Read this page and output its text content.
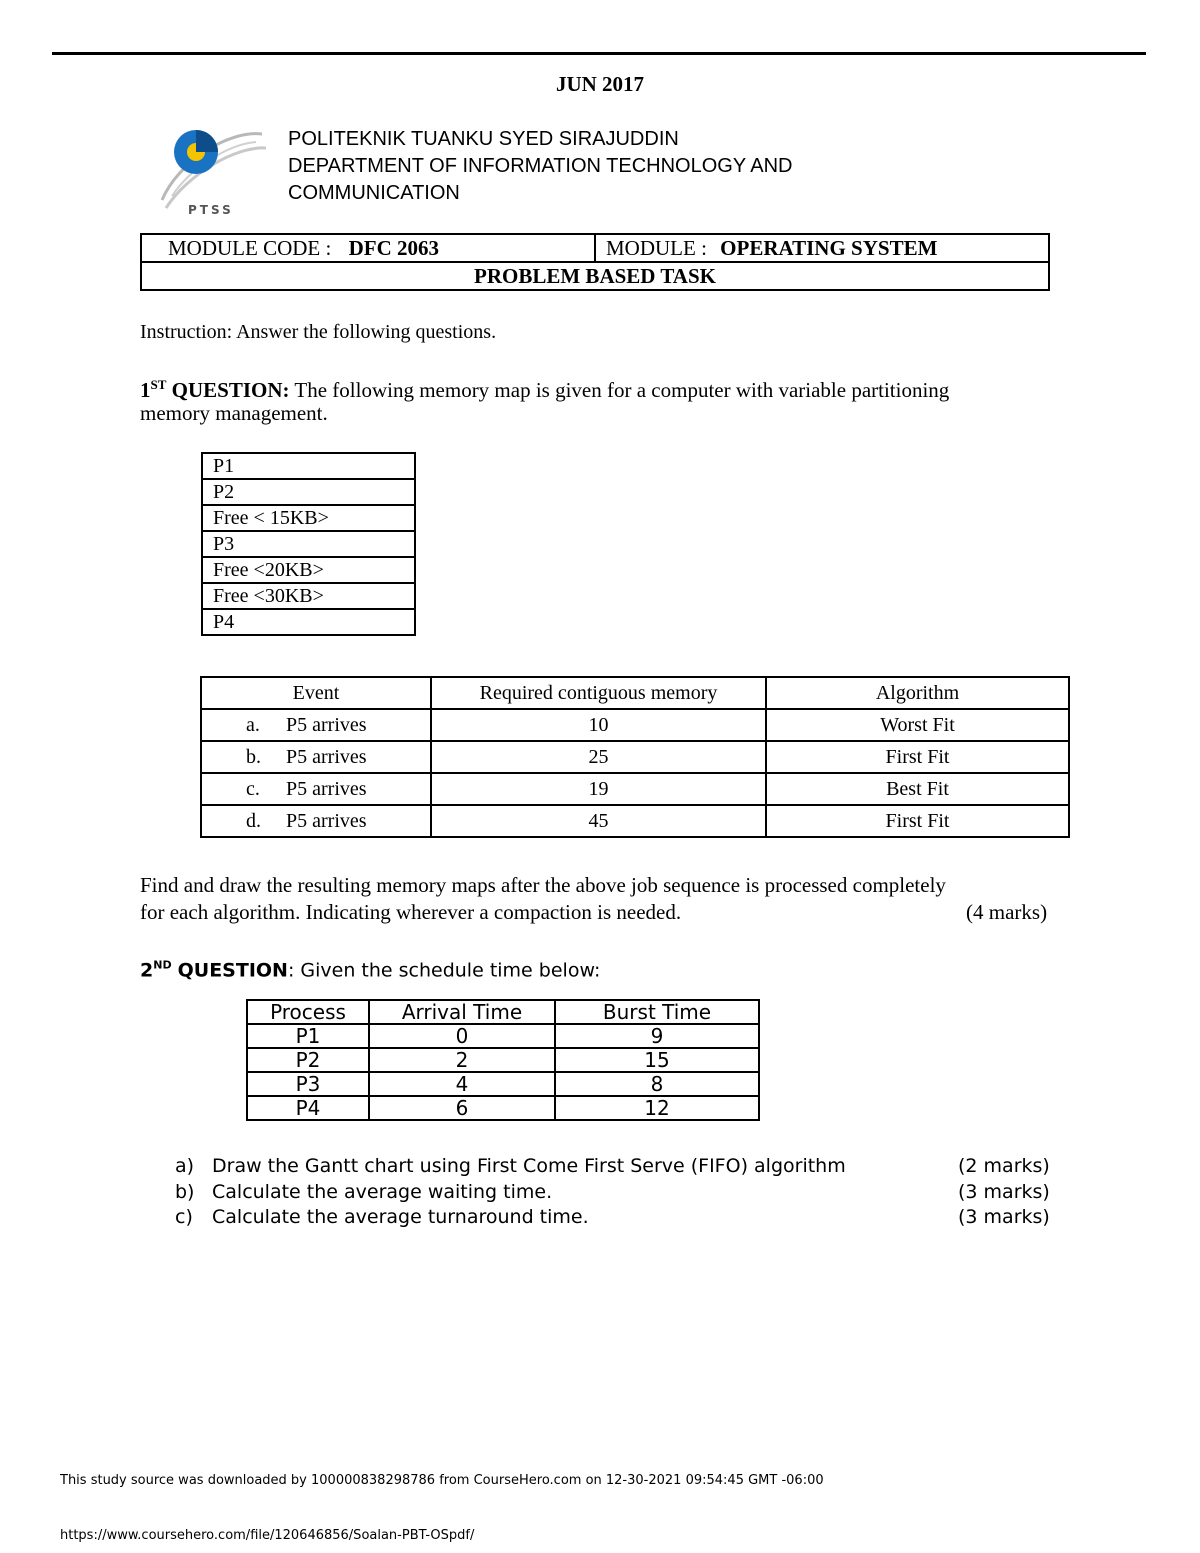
JUN 2017
PTSS
POLITEKNIK TUANKU SYED SIRAJUDDIN
DEPARTMENT OF INFORMATION TECHNOLOGY AND
COMMUNICATION
MODULE CODE : DFC 2063	MODULE : OPERATING SYSTEM
PROBLEM BASED TASK
Instruction: Answer the following questions.
1ST QUESTION: The following memory map is given for a computer with variable partitioning
memory management.
P1
P2
Free < 15KB>
P3
Free <20KB>
Free <30KB>
P4
Event	Required contiguous memory	Algorithm
a. P5 arrives	10	Worst Fit
b. P5 arrives	25	First Fit
c. P5 arrives	19	Best Fit
d. P5 arrives	45	First Fit
Find and draw the resulting memory maps after the above job sequence is processed completely
for each algorithm. Indicating wherever a compaction is needed.	(4 marks)
2ND QUESTION: Given the schedule time below:
Process	Arrival Time	Burst Time
P1	0	9
P2	2	15
P3	4	8
P4	6	12
a) Draw the Gantt chart using First Come First Serve (FIFO) algorithm	(2 marks)
b) Calculate the average waiting time.	(3 marks)
c) Calculate the average turnaround time.	(3 marks)
This study source was downloaded by 100000838298786 from CourseHero.com on 12-30-2021 09:54:45 GMT -06:00
https://www.coursehero.com/file/120646856/Soalan-PBT-OSpdf/
